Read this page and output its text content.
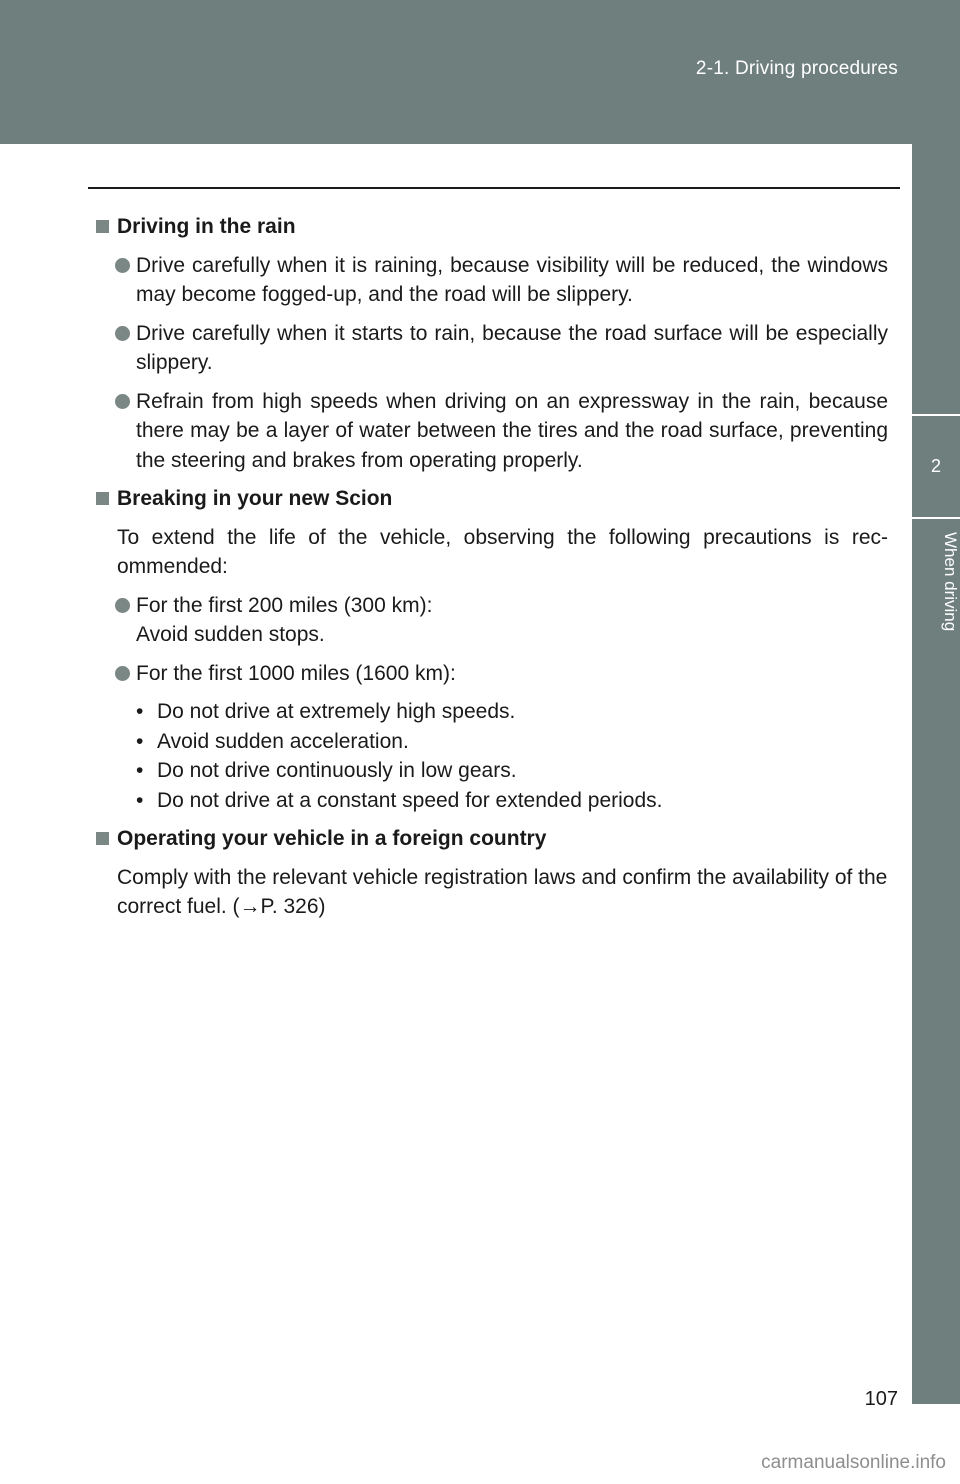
2-1. Driving procedures
2
When driving
Driving in the rain
Drive carefully when it is raining, because visibility will be reduced, the windows may become fogged-up, and the road will be slippery.
Drive carefully when it starts to rain, because the road surface will be especially slippery.
Refrain from high speeds when driving on an expressway in the rain, because there may be a layer of water between the tires and the road surface, preventing the steering and brakes from operating properly.
Breaking in your new Scion
To extend the life of the vehicle, observing the following precautions is rec-ommended:
For the first 200 miles (300 km):
Avoid sudden stops.
For the first 1000 miles (1600 km):
• Do not drive at extremely high speeds.
• Avoid sudden acceleration.
• Do not drive continuously in low gears.
• Do not drive at a constant speed for extended periods.
Operating your vehicle in a foreign country
Comply with the relevant vehicle registration laws and confirm the availability of the correct fuel. (→P. 326)
107
carmanualsonline.info
